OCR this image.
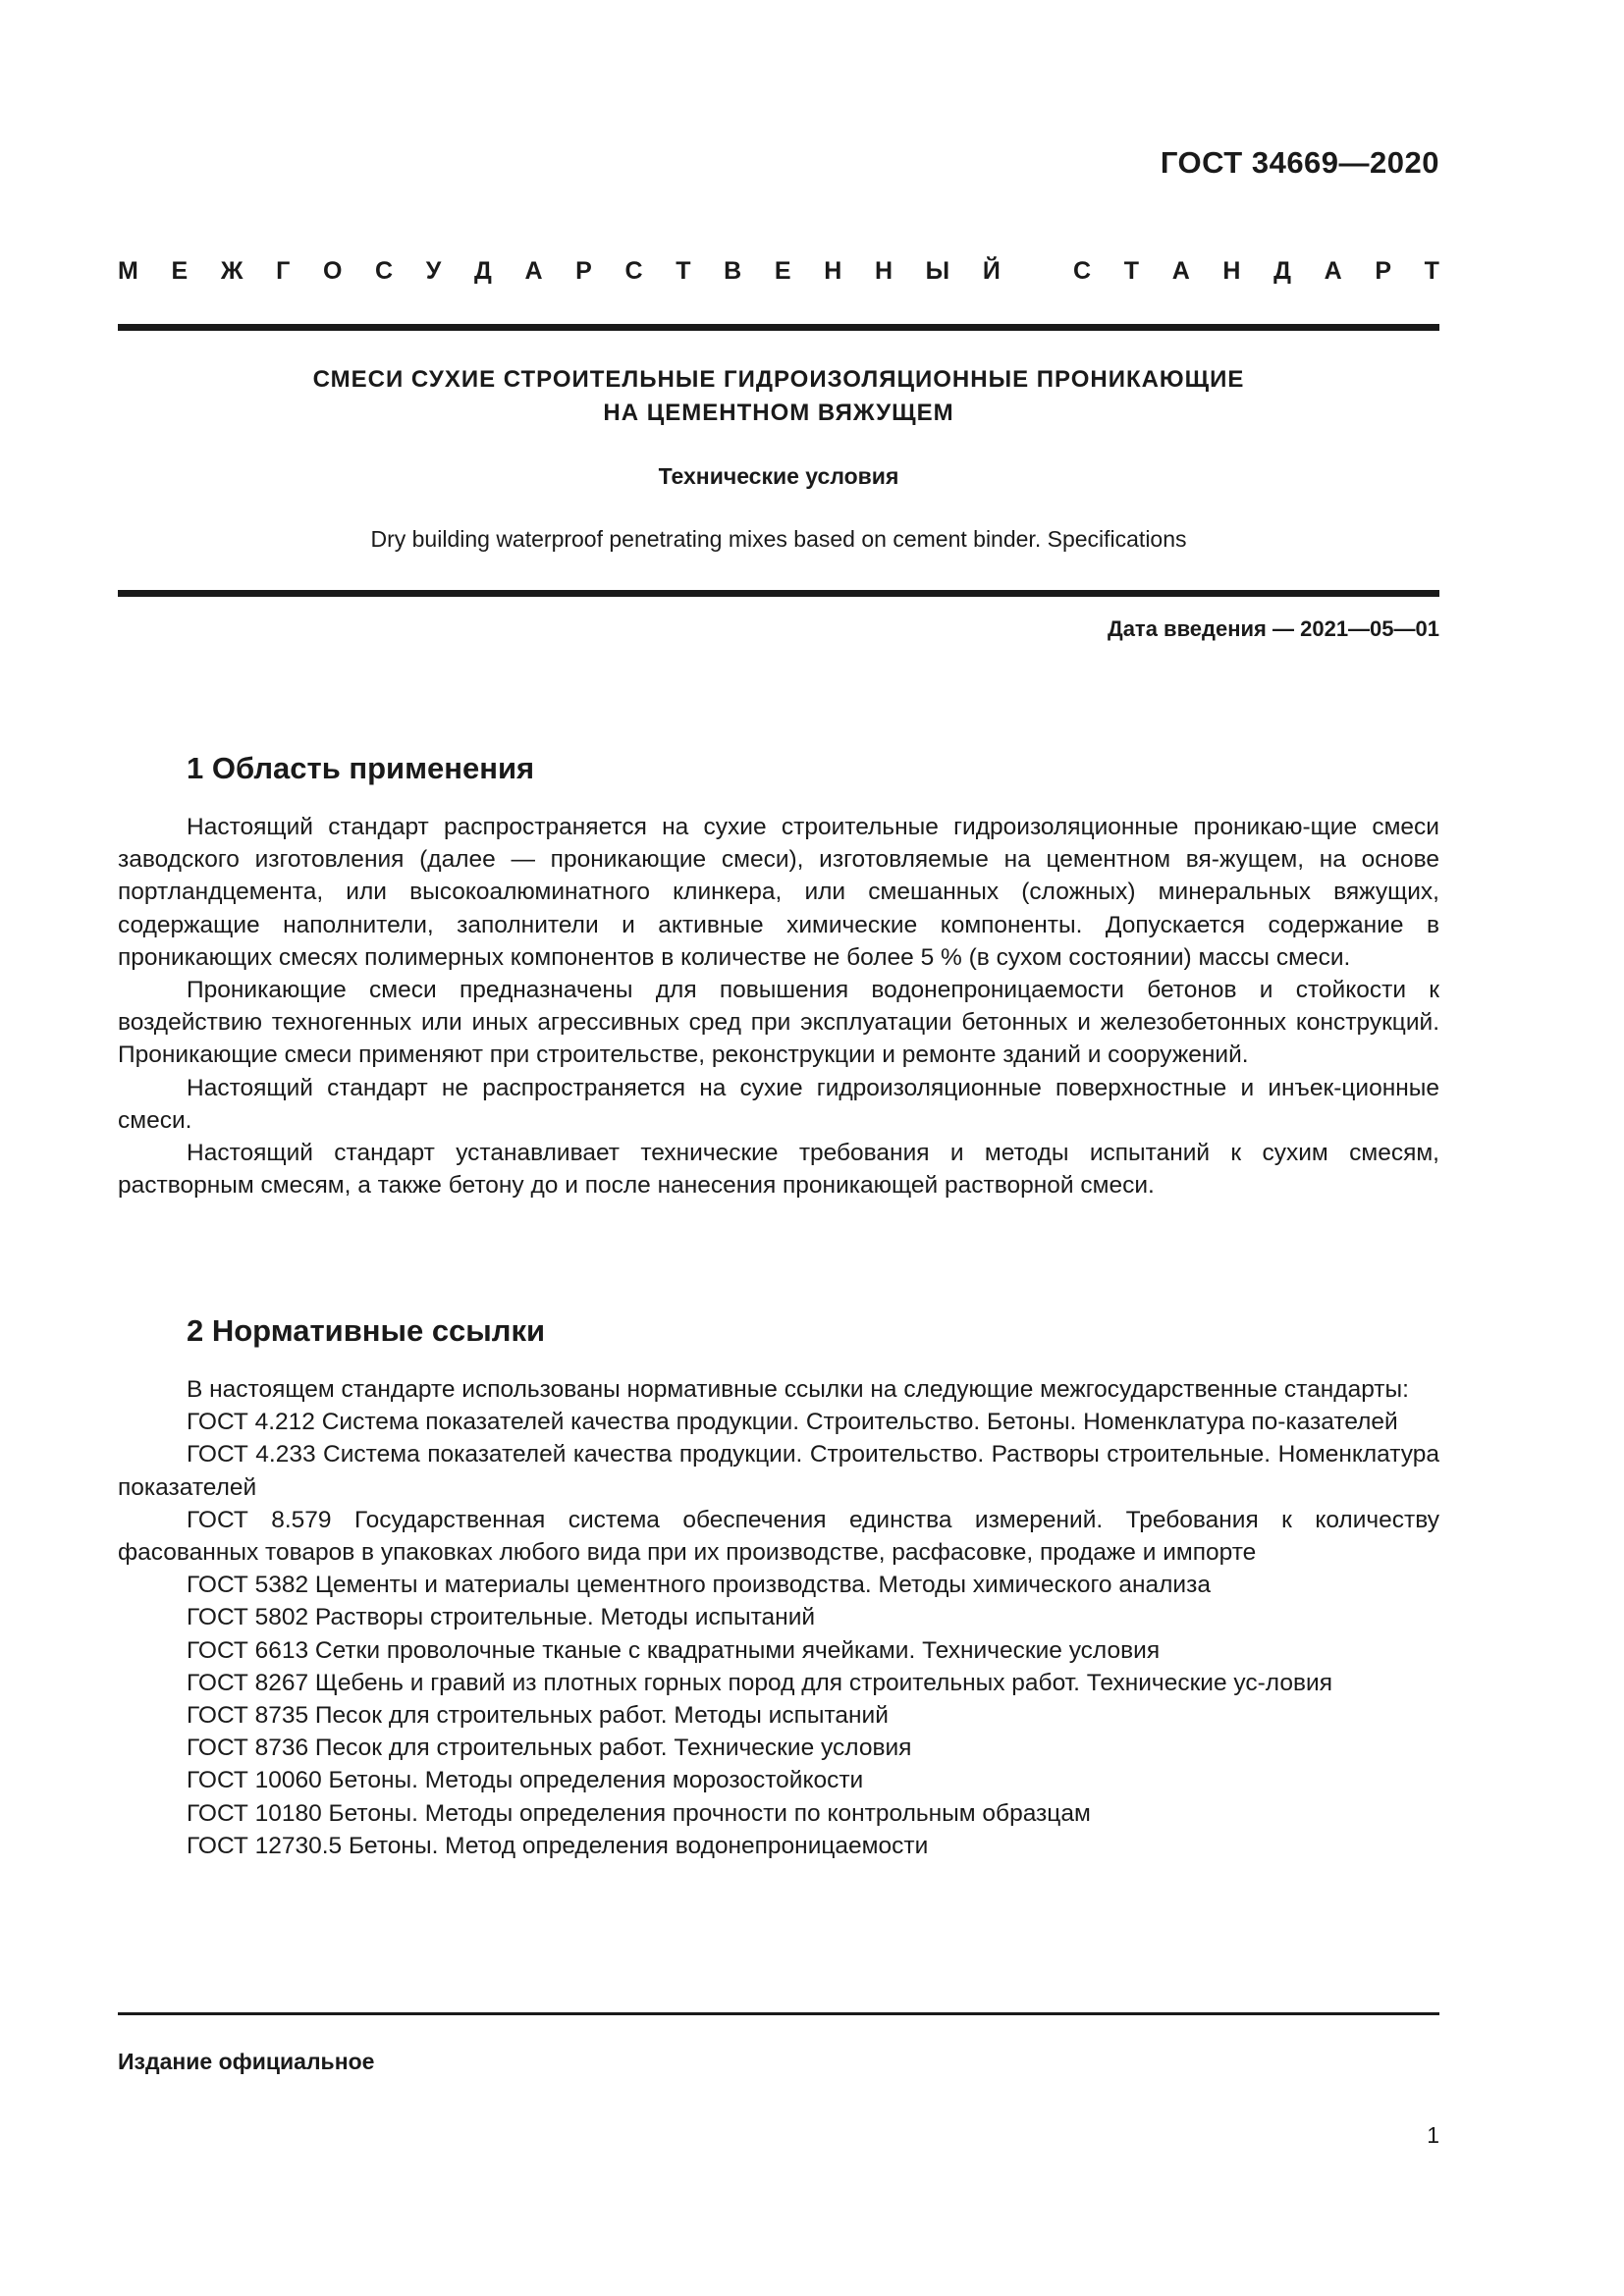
ГОСТ 34669—2020
М Е Ж Г О С У Д А Р С Т В Е Н Н Ы Й
	С Т А Н Д А Р Т
СМЕСИ СУХИЕ СТРОИТЕЛЬНЫЕ ГИДРОИЗОЛЯЦИОННЫЕ ПРОНИКАЮЩИЕ
НА ЦЕМЕНТНОМ ВЯЖУЩЕМ
Технические условия
Dry building waterproof penetrating mixes based on cement binder. Specifications
Дата введения — 2021—05—01
1 Область применения

Настоящий стандарт распространяется на сухие строительные гидроизоляционные проникаю-щие смеси заводского изготовления (далее — проникающие смеси), изготовляемые на цементном вя-жущем, на основе портландцемента, или высокоалюминатного клинкера, или смешанных (сложных) минеральных вяжущих, содержащие наполнители, заполнители и активные химические компоненты. Допускается содержание в проникающих смесях полимерных компонентов в количестве не более 5 % (в сухом состоянии) массы смеси.

Проникающие смеси предназначены для повышения водонепроницаемости бетонов и стойкости к воздействию техногенных или иных агрессивных сред при эксплуатации бетонных и железобетонных конструкций. Проникающие смеси применяют при строительстве, реконструкции и ремонте зданий и сооружений.

Настоящий стандарт не распространяется на сухие гидроизоляционные поверхностные и инъек-ционные смеси.

Настоящий стандарт устанавливает технические требования и методы испытаний к сухим смесям, растворным смесям, а также бетону до и после нанесения проникающей растворной смеси.

2 Нормативные ссылки

В настоящем стандарте использованы нормативные ссылки на следующие межгосударственные стандарты:

ГОСТ 4.212 Система показателей качества продукции. Строительство. Бетоны. Номенклатура по-казателей

ГОСТ 4.233 Система показателей качества продукции. Строительство. Растворы строительные. Номенклатура показателей

ГОСТ 8.579 Государственная система обеспечения единства измерений. Требования к количеству фасованных товаров в упаковках любого вида при их производстве, расфасовке, продаже и импорте

ГОСТ 5382 Цементы и материалы цементного производства. Методы химического анализа

ГОСТ 5802 Растворы строительные. Методы испытаний

ГОСТ 6613 Сетки проволочные тканые с квадратными ячейками. Технические условия

ГОСТ 8267 Щебень и гравий из плотных горных пород для строительных работ. Технические ус-ловия

ГОСТ 8735 Песок для строительных работ. Методы испытаний

ГОСТ 8736 Песок для строительных работ. Технические условия

ГОСТ 10060 Бетоны. Методы определения морозостойкости

ГОСТ 10180 Бетоны. Методы определения прочности по контрольным образцам

ГОСТ 12730.5 Бетоны. Метод определения водонепроницаемости

Издание официальное
1
